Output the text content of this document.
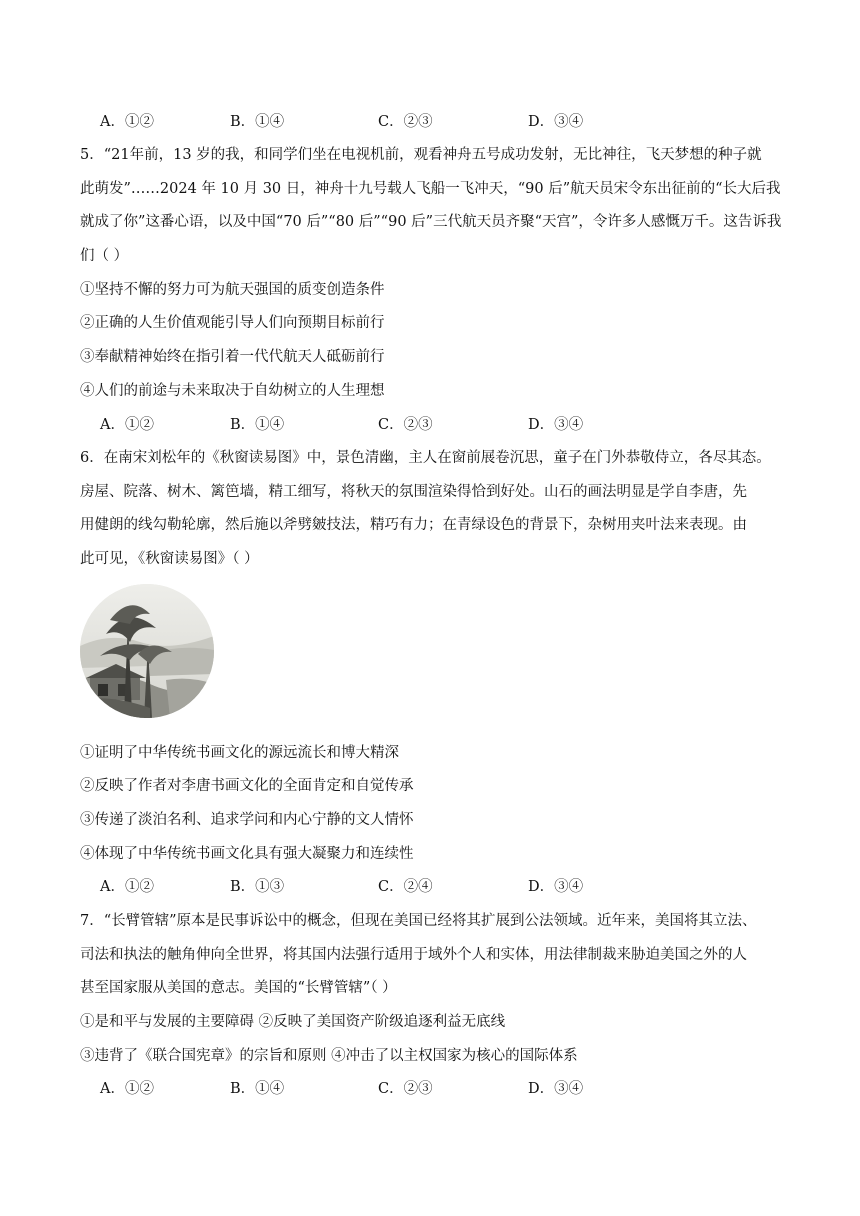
A．①②	B．①④	C．②③	D．③④
5．“21年前，13 岁的我，和同学们坐在电视机前，观看神舟五号成功发射，无比神往，飞天梦想的种子就
此萌发”……2024 年 10 月 30 日，神舟十九号载人飞船一飞冲天，“90 后”航天员宋令东出征前的“长大后我
就成了你”这番心语，以及中国“70 后”“80 后”“90 后”三代航天员齐聚“天宫”，令许多人感慨万千。这告诉我
们（ ）
①坚持不懈的努力可为航天强国的质变创造条件
②正确的人生价值观能引导人们向预期目标前行
③奉献精神始终在指引着一代代航天人砥砺前行
④人们的前途与未来取决于自幼树立的人生理想
A．①②	B．①④	C．②③	D．③④
6．在南宋刘松年的《秋窗读易图》中，景色清幽，主人在窗前展卷沉思，童子在门外恭敬侍立，各尽其态。
房屋、院落、树木、篱笆墙，精工细写，将秋天的氛围渲染得恰到好处。山石的画法明显是学自李唐，先
用健朗的线勾勒轮廓，然后施以斧劈皴技法，精巧有力；在青绿设色的背景下，杂树用夹叶法来表现。由
此可见，《秋窗读易图》（ ）
①证明了中华传统书画文化的源远流长和博大精深
②反映了作者对李唐书画文化的全面肯定和自觉传承
③传递了淡泊名利、追求学问和内心宁静的文人情怀
④体现了中华传统书画文化具有强大凝聚力和连续性
A．①②	B．①③	C．②④	D．③④
7．“长臂管辖”原本是民事诉讼中的概念，但现在美国已经将其扩展到公法领域。近年来，美国将其立法、
司法和执法的触角伸向全世界，将其国内法强行适用于域外个人和实体，用法律制裁来胁迫美国之外的人
甚至国家服从美国的意志。美国的“长臂管辖”（ ）
①是和平与发展的主要障碍 ②反映了美国资产阶级追逐利益无底线
③违背了《联合国宪章》的宗旨和原则 ④冲击了以主权国家为核心的国际体系
A．①②	B．①④	C．②③	D．③④
